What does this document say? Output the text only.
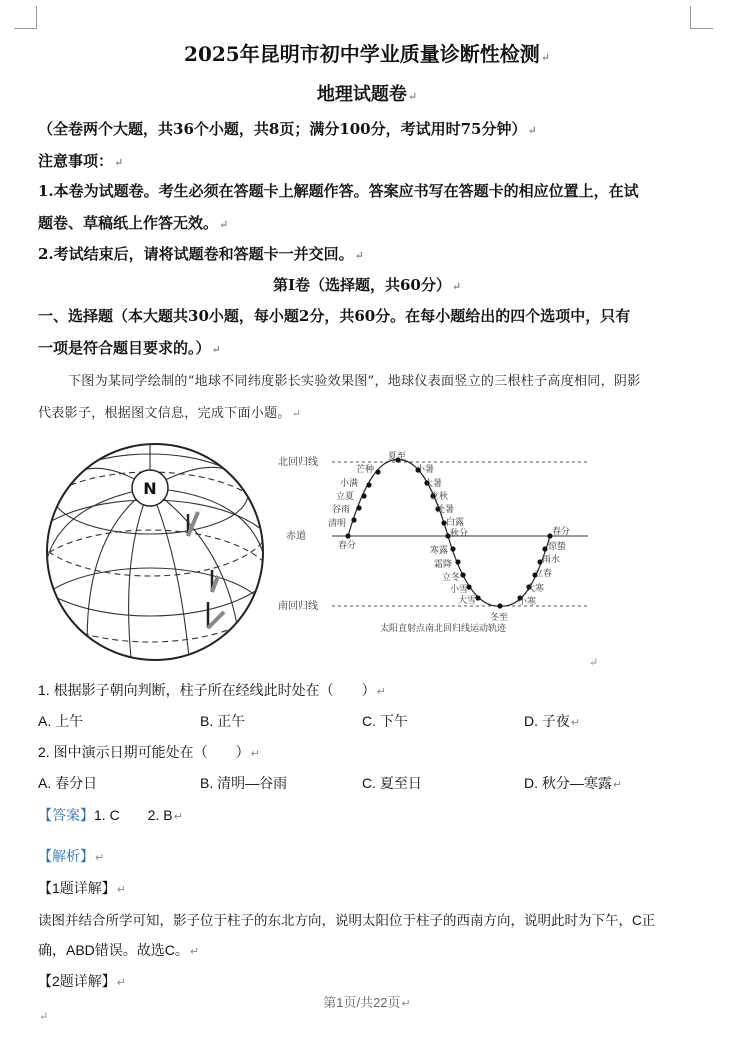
2025年昆明市初中学业质量诊断性检测↵
地理试题卷↵
（全卷两个大题，共36个小题，共8页；满分100分，考试用时75分钟）↵
注意事项：↵
1.本卷为试题卷。考生必须在答题卡上解题作答。答案应书写在答题卡的相应位置上，在试
题卷、草稿纸上作答无效。↵
2.考试结束后，请将试题卷和答题卡一并交回。↵
第Ⅰ卷（选择题，共60分）↵
一、选择题（本大题共30小题，每小题2分，共60分。在每小题给出的四个选项中，只有
一项是符合题目要求的。）↵
下图为某同学绘制的“地球不同纬度影长实验效果图”，地球仪表面竖立的三根柱子高度相同，阴影
代表影子，根据图文信息，完成下面小题。↵
N
北回归线
赤道
南回归线
春分
清明
谷雨
立夏
小满
芒种
夏至
小暑
大暑
立秋
处暑
白露
秋分
寒露
霜降
立冬
小雪
大雪
冬至
小寒
大寒
立春
雨水
惊蛰
春分
太阳直射点南北回归线运动轨迹
↵
1. 根据影子朝向判断，柱子所在经线此时处在（　　）↵
A. 上午	B. 正午	C. 下午	D. 子夜↵
2. 图中演示日期可能处在（　　）↵
A. 春分日	B. 清明—谷雨	C. 夏至日	D. 秋分—寒露↵
【答案】1. C　　2. B↵
【解析】↵
【1题详解】↵
读图并结合所学可知，影子位于柱子的东北方向，说明太阳位于柱子的西南方向，说明此时为下午，C正
确，ABD错误。故选C。↵
【2题详解】↵
第1页/共22页↵
↵
